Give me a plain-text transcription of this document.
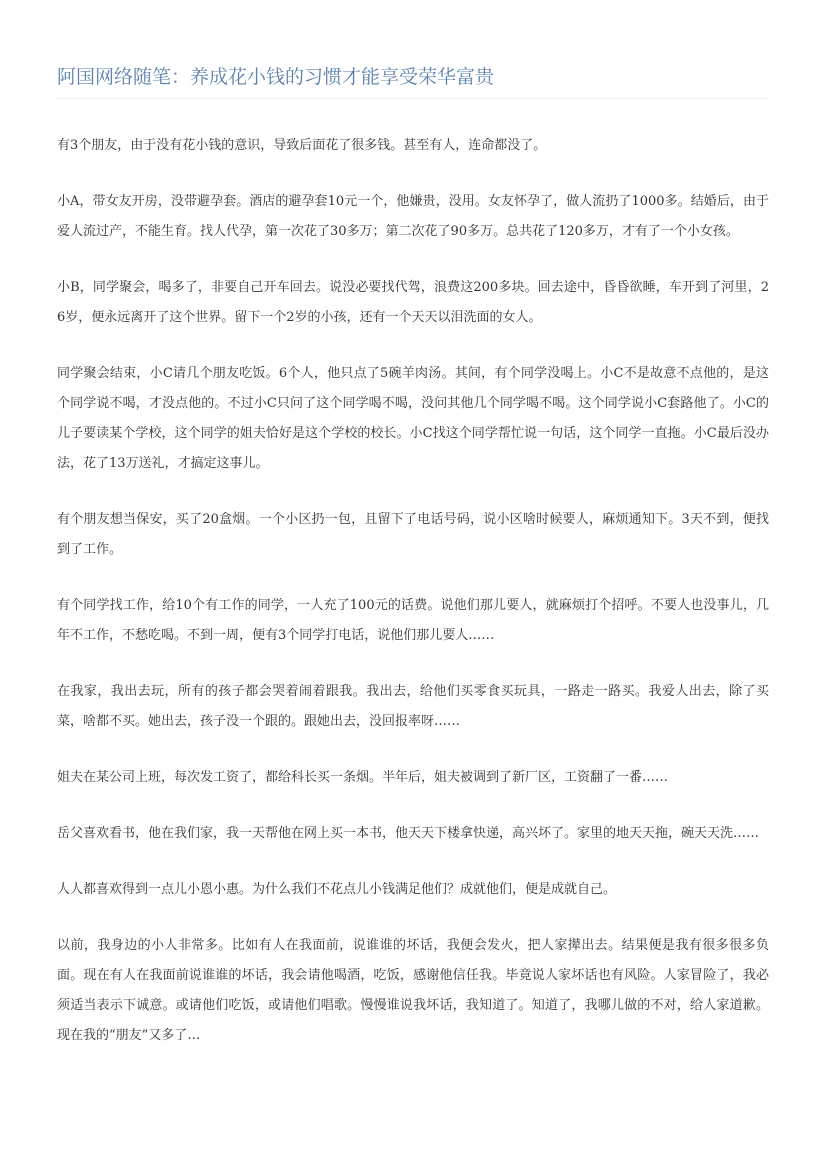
阿国网络随笔：养成花小钱的习惯才能享受荣华富贵

有3个朋友，由于没有花小钱的意识，导致后面花了很多钱。甚至有人，连命都没了。

小A，带女友开房，没带避孕套。酒店的避孕套10元一个，他嫌贵，没用。女友怀孕了，做人流扔了1000多。结婚后，由于爱人流过产，不能生育。找人代孕，第一次花了30多万；第二次花了90多万。总共花了120多万，才有了一个小女孩。

小B，同学聚会，喝多了，非要自己开车回去。说没必要找代驾，浪费这200多块。回去途中，昏昏欲睡，车开到了河里，26岁，便永远离开了这个世界。留下一个2岁的小孩，还有一个天天以泪洗面的女人。

同学聚会结束，小C请几个朋友吃饭。6个人，他只点了5碗羊肉汤。其间，有个同学没喝上。小C不是故意不点他的，是这个同学说不喝，才没点他的。不过小C只问了这个同学喝不喝，没问其他几个同学喝不喝。这个同学说小C套路他了。小C的儿子要读某个学校，这个同学的姐夫恰好是这个学校的校长。小C找这个同学帮忙说一句话，这个同学一直拖。小C最后没办法，花了13万送礼，才搞定这事儿。

有个朋友想当保安，买了20盒烟。一个小区扔一包，且留下了电话号码，说小区啥时候要人，麻烦通知下。3天不到，便找到了工作。

有个同学找工作，给10个有工作的同学，一人充了100元的话费。说他们那儿要人，就麻烦打个招呼。不要人也没事儿，几年不工作，不愁吃喝。不到一周，便有3个同学打电话，说他们那儿要人……

在我家，我出去玩，所有的孩子都会哭着闹着跟我。我出去，给他们买零食买玩具，一路走一路买。我爱人出去，除了买菜，啥都不买。她出去，孩子没一个跟的。跟她出去，没回报率呀……

姐夫在某公司上班，每次发工资了，都给科长买一条烟。半年后，姐夫被调到了新厂区，工资翻了一番……

岳父喜欢看书，他在我们家，我一天帮他在网上买一本书，他天天下楼拿快递，高兴坏了。家里的地天天拖，碗天天洗……

人人都喜欢得到一点儿小恩小惠。为什么我们不花点儿小钱满足他们？成就他们，便是成就自己。

以前，我身边的小人非常多。比如有人在我面前，说谁谁的坏话，我便会发火，把人家撵出去。结果便是我有很多很多负面。现在有人在我面前说谁谁的坏话，我会请他喝酒，吃饭，感谢他信任我。毕竟说人家坏话也有风险。人家冒险了，我必须适当表示下诚意。或请他们吃饭，或请他们唱歌。慢慢谁说我坏话，我知道了。知道了，我哪儿做的不对，给人家道歉。现在我的“朋友”又多了…
